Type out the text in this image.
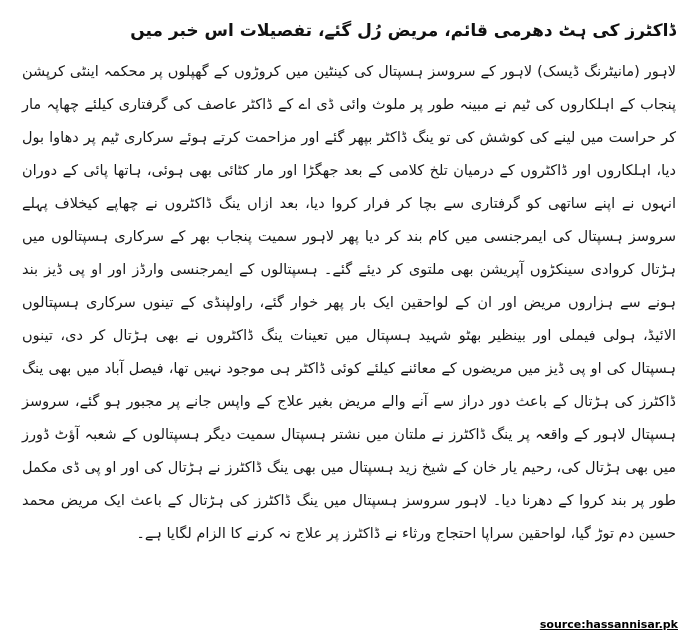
ڈاکٹرز کی ہٹ دھرمی قائم، مریض رُل گئے، تفصیلات اس خبر میں

لاہور (مانیٹرنگ ڈیسک) لاہور کے سروسز ہسپتال کی کینٹین میں کروڑوں کے گھپلوں پر محکمہ اینٹی کرپشن پنجاب کے اہلکاروں کی ٹیم نے مبینہ طور پر ملوث وائی ڈی اے کے ڈاکٹر عاصف کی گرفتاری کیلئے چھاپہ مار کر حراست میں لینے کی کوشش کی تو ینگ ڈاکٹر بپھر گئے اور مزاحمت کرتے ہوئے سرکاری ٹیم پر دھاوا بول دیا، اہلکاروں اور ڈاکٹروں کے درمیان تلخ کلامی کے بعد جھگڑا اور مار کٹائی بھی ہوئی، ہاتھا پائی کے دوران انہوں نے اپنے ساتھی کو گرفتاری سے بچا کر فرار کروا دیا، بعد ازاں ینگ ڈاکٹروں نے چھاپے کیخلاف پہلے سروسز ہسپتال کی ایمرجنسی میں کام بند کر دیا پھر لاہور سمیت پنجاب بھر کے سرکاری ہسپتالوں میں ہڑتال کروادی سینکڑوں آپریشن بھی ملتوی کر دیئے گئے۔ ہسپتالوں کے ایمرجنسی وارڈز اور او پی ڈیز بند ہونے سے ہزاروں مریض اور ان کے لواحقین ایک بار پھر خوار گئے، راولپنڈی کے تینوں سرکاری ہسپتالوں الائیڈ، ہولی فیملی اور بینظیر بھٹو شہید ہسپتال میں تعینات ینگ ڈاکٹروں نے بھی ہڑتال کر دی، تینوں ہسپتال کی او پی ڈیز میں مریضوں کے معائنے کیلئے کوئی ڈاکٹر ہی موجود نہیں تھا، فیصل آباد میں بھی ینگ ڈاکٹرز کی ہڑتال کے باعث دور دراز سے آنے والے مریض بغیر علاج کے واپس جانے پر مجبور ہو گئے، سروسز ہسپتال لاہور کے واقعہ پر ینگ ڈاکٹرز نے ملتان میں نشتر ہسپتال سمیت دیگر ہسپتالوں کے شعبہ آؤٹ ڈورز میں بھی ہڑتال کی، رحیم یار خان کے شیخ زید ہسپتال میں بھی ینگ ڈاکٹرز نے ہڑتال کی اور او پی ڈی مکمل طور پر بند کروا کے دھرنا دیا۔ لاہور سروسز ہسپتال میں ینگ ڈاکٹرز کی ہڑتال کے باعث ایک مریض محمد حسین دم توڑ گیا، لواحقین سراپا احتجاج ورثاء نے ڈاکٹرز پر علاج نہ کرنے کا الزام لگایا ہے۔

source:hassannisar.pk
